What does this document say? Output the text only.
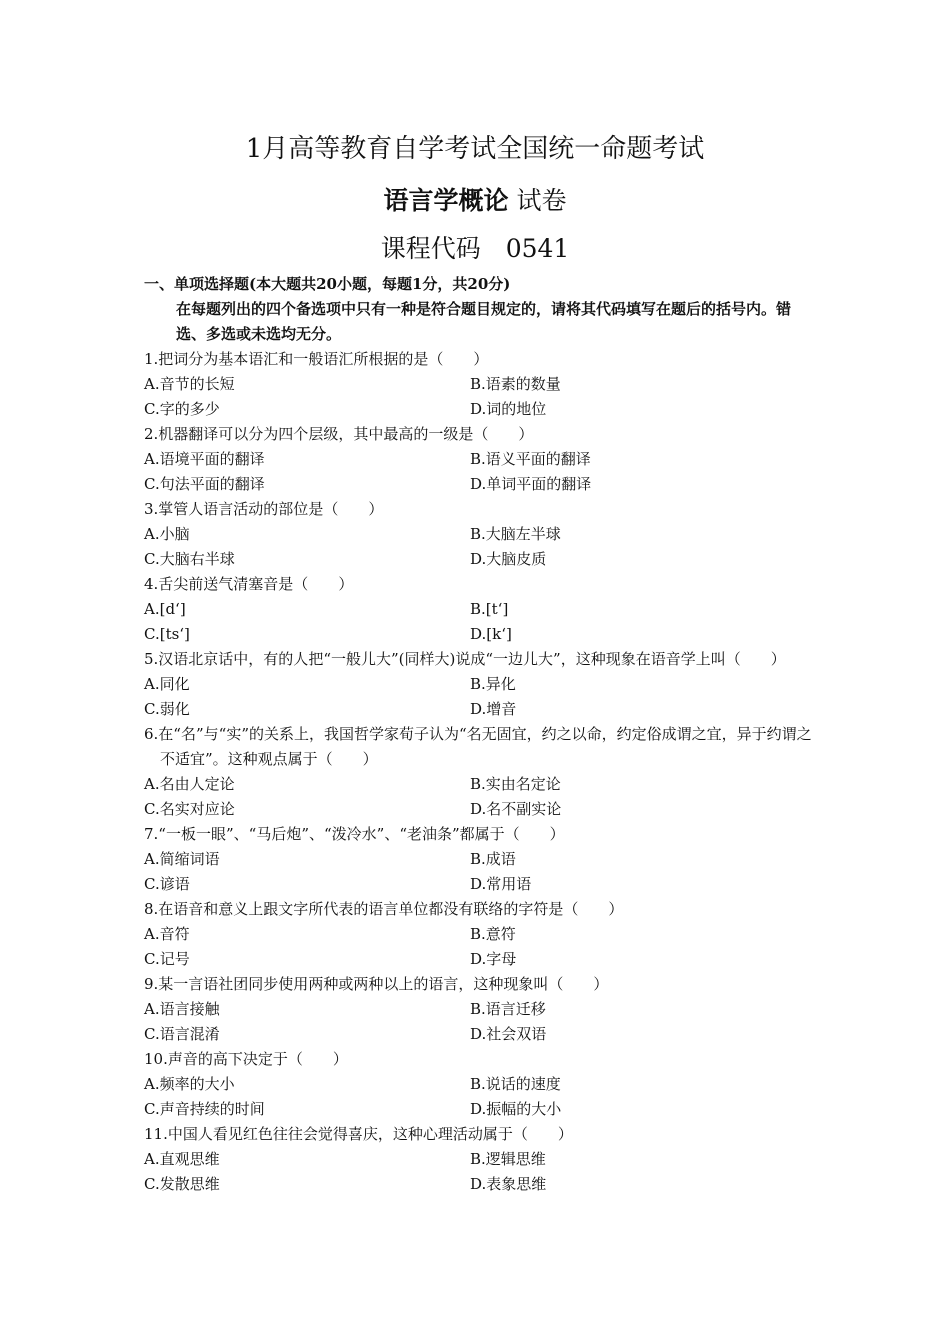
1月高等教育自学考试全国统一命题考试
语言学概论 试卷
课程代码　0541
一、单项选择题(本大题共20小题，每题1分，共20分)
在每题列出的四个备选项中只有一种是符合题目规定的，请将其代码填写在题后的括号内。错选、多选或未选均无分。
1.把词分为基本语汇和一般语汇所根据的是（　　）
A.音节的长短	B.语素的数量
C.字的多少	D.词的地位
2.机器翻译可以分为四个层级，其中最高的一级是（　　）
A.语境平面的翻译	B.语义平面的翻译
C.句法平面的翻译	D.单词平面的翻译
3.掌管人语言活动的部位是（　　）
A.小脑	B.大脑左半球
C.大脑右半球	D.大脑皮质
4.舌尖前送气清塞音是（　　）
A.[d‘]	B.[t‘]
C.[ts‘]	D.[k‘]
5.汉语北京话中，有的人把“一般儿大”(同样大)说成“一边儿大”，这种现象在语音学上叫（　　）
A.同化	B.异化
C.弱化	D.增音
6.在“名”与“实”的关系上，我国哲学家荀子认为“名无固宜，约之以命，约定俗成谓之宜，异于约谓之不适宜”。这种观点属于（　　）
A.名由人定论	B.实由名定论
C.名实对应论	D.名不副实论
7.“一板一眼”、“马后炮”、“泼冷水”、“老油条”都属于（　　）
A.简缩词语	B.成语
C.谚语	D.常用语
8.在语音和意义上跟文字所代表的语言单位都没有联络的字符是（　　）
A.音符	B.意符
C.记号	D.字母
9.某一言语社团同步使用两种或两种以上的语言，这种现象叫（　　）
A.语言接触	B.语言迁移
C.语言混淆	D.社会双语
10.声音的高下决定于（　　）
A.频率的大小	B.说话的速度
C.声音持续的时间	D.振幅的大小
11.中国人看见红色往往会觉得喜庆，这种心理活动属于（　　）
A.直观思维	B.逻辑思维
C.发散思维	D.表象思维
